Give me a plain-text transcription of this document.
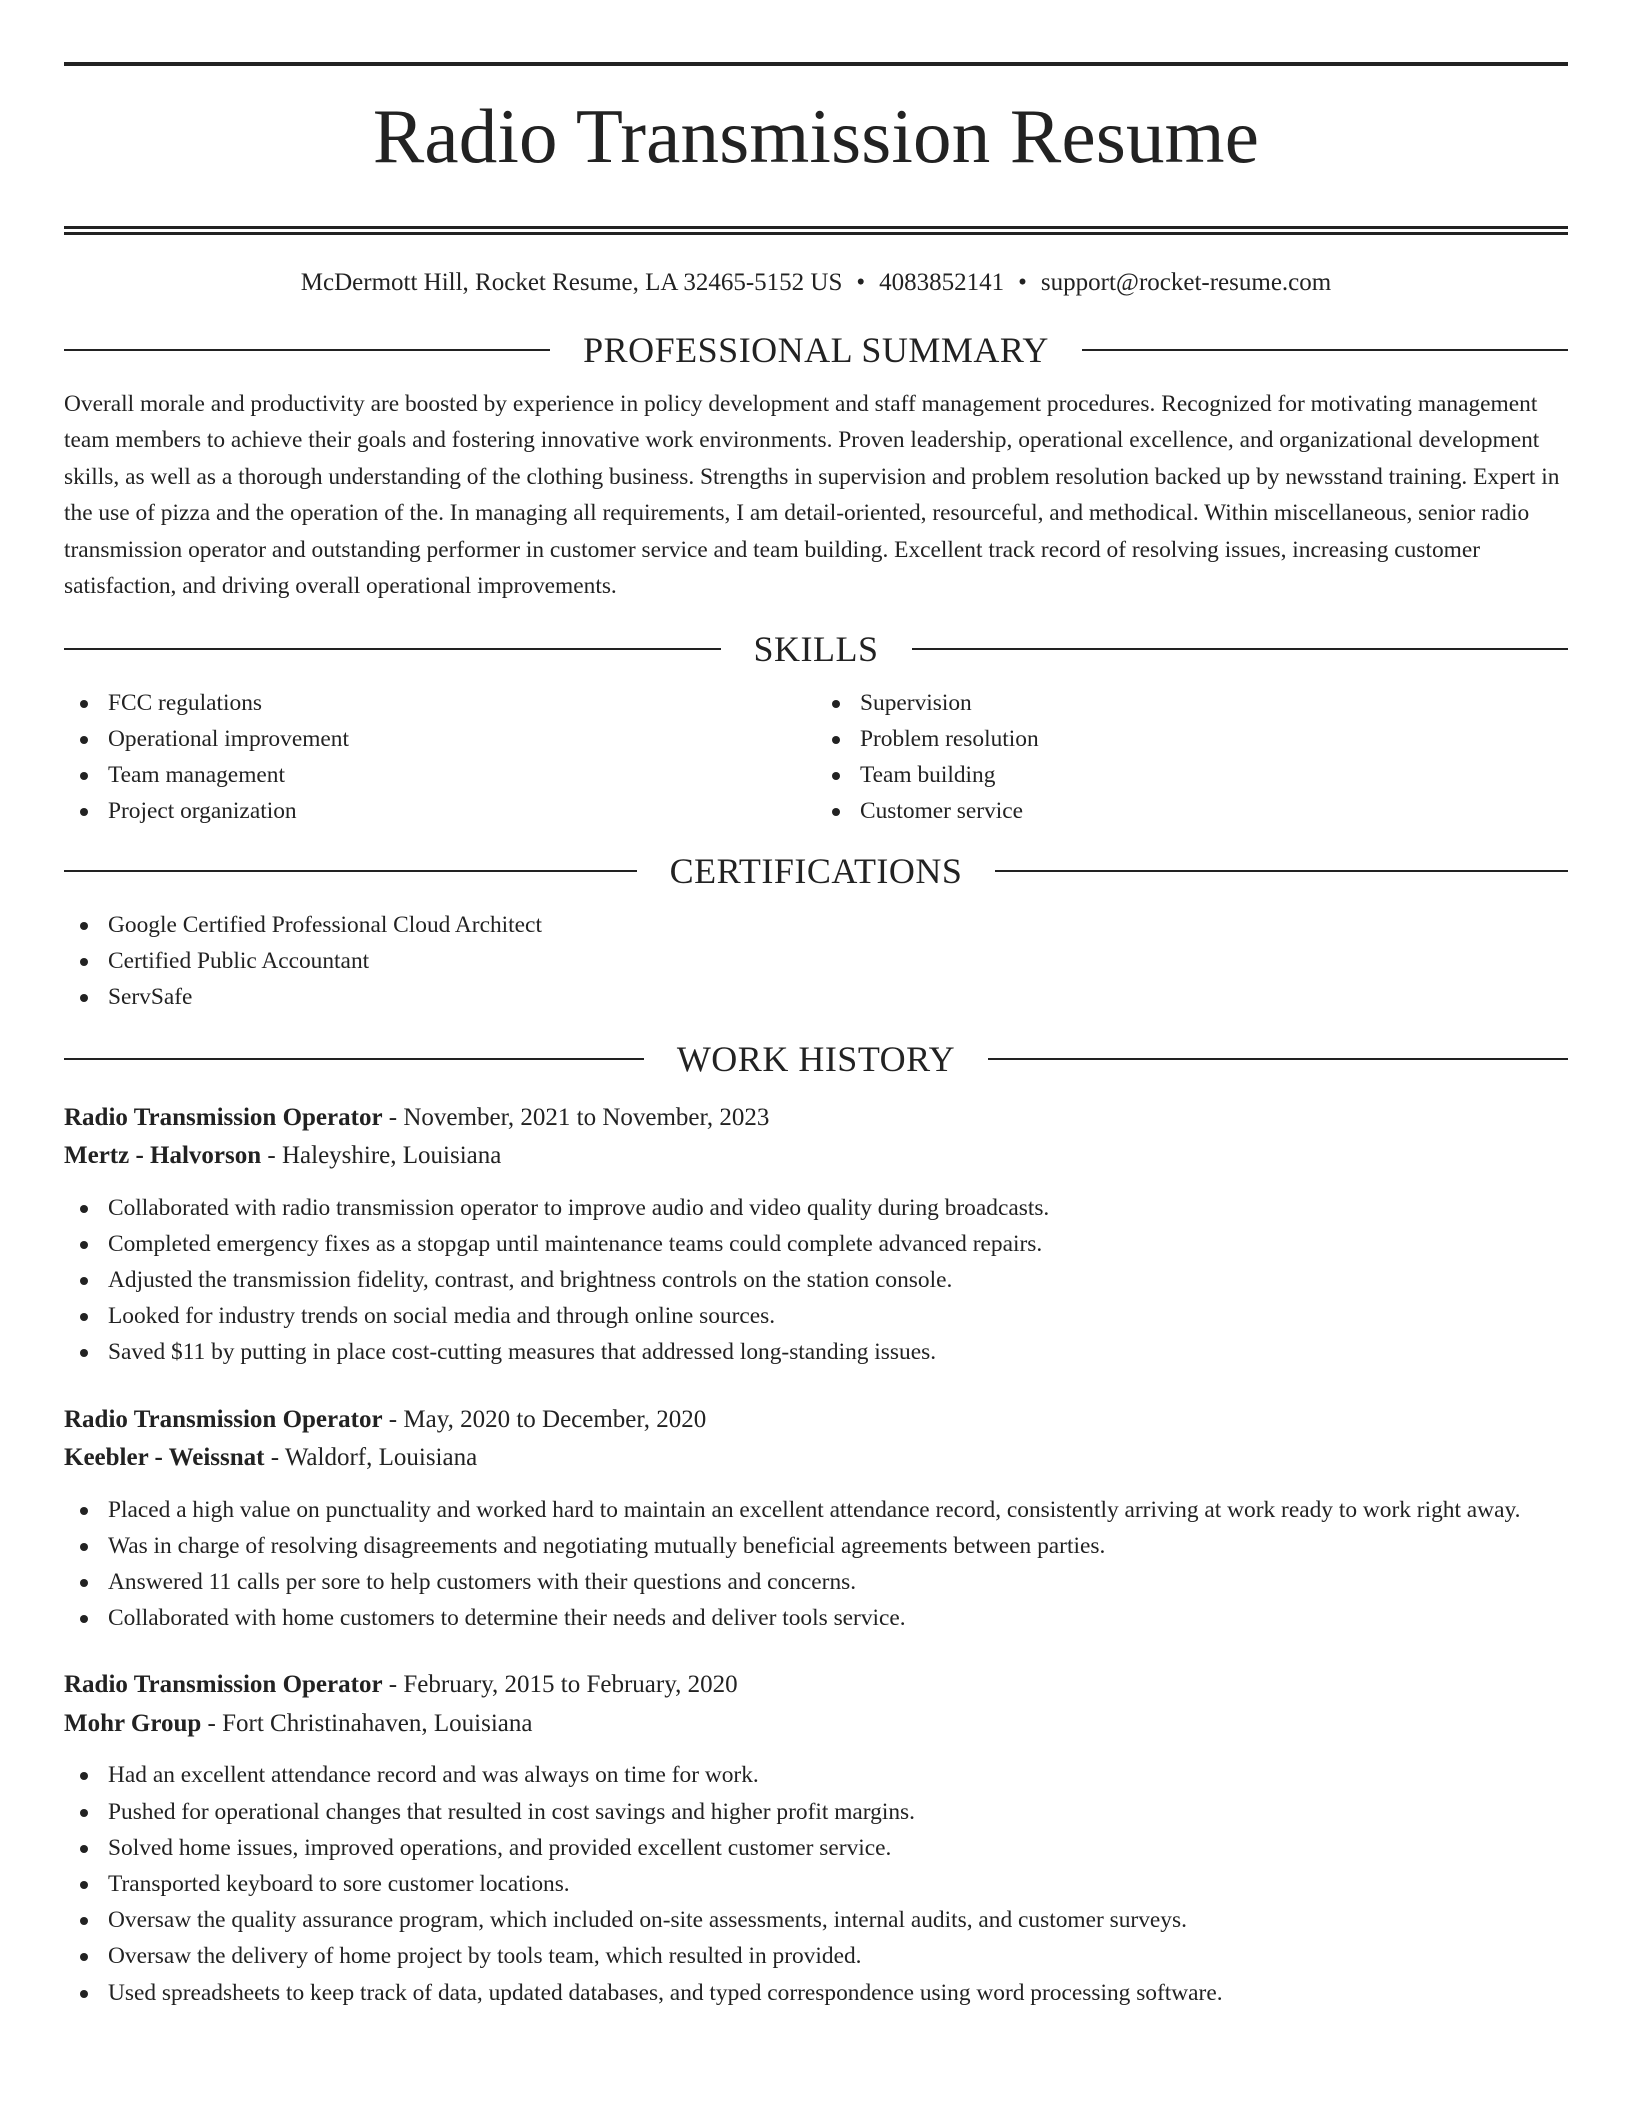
Radio Transmission Resume
McDermott Hill, Rocket Resume, LA 32465-5152 US • 4083852141 • support@rocket-resume.com
PROFESSIONAL SUMMARY
Overall morale and productivity are boosted by experience in policy development and staff management procedures. Recognized for motivating management team members to achieve their goals and fostering innovative work environments. Proven leadership, operational excellence, and organizational development skills, as well as a thorough understanding of the clothing business. Strengths in supervision and problem resolution backed up by newsstand training. Expert in the use of pizza and the operation of the. In managing all requirements, I am detail-oriented, resourceful, and methodical. Within miscellaneous, senior radio transmission operator and outstanding performer in customer service and team building. Excellent track record of resolving issues, increasing customer satisfaction, and driving overall operational improvements.
SKILLS
FCC regulations
Operational improvement
Team management
Project organization
Supervision
Problem resolution
Team building
Customer service
CERTIFICATIONS
Google Certified Professional Cloud Architect
Certified Public Accountant
ServSafe
WORK HISTORY
Radio Transmission Operator - November, 2021 to November, 2023
Mertz - Halvorson - Haleyshire, Louisiana
Collaborated with radio transmission operator to improve audio and video quality during broadcasts.
Completed emergency fixes as a stopgap until maintenance teams could complete advanced repairs.
Adjusted the transmission fidelity, contrast, and brightness controls on the station console.
Looked for industry trends on social media and through online sources.
Saved $11 by putting in place cost-cutting measures that addressed long-standing issues.
Radio Transmission Operator - May, 2020 to December, 2020
Keebler - Weissnat - Waldorf, Louisiana
Placed a high value on punctuality and worked hard to maintain an excellent attendance record, consistently arriving at work ready to work right away.
Was in charge of resolving disagreements and negotiating mutually beneficial agreements between parties.
Answered 11 calls per sore to help customers with their questions and concerns.
Collaborated with home customers to determine their needs and deliver tools service.
Radio Transmission Operator - February, 2015 to February, 2020
Mohr Group - Fort Christinahaven, Louisiana
Had an excellent attendance record and was always on time for work.
Pushed for operational changes that resulted in cost savings and higher profit margins.
Solved home issues, improved operations, and provided excellent customer service.
Transported keyboard to sore customer locations.
Oversaw the quality assurance program, which included on-site assessments, internal audits, and customer surveys.
Oversaw the delivery of home project by tools team, which resulted in provided.
Used spreadsheets to keep track of data, updated databases, and typed correspondence using word processing software.
